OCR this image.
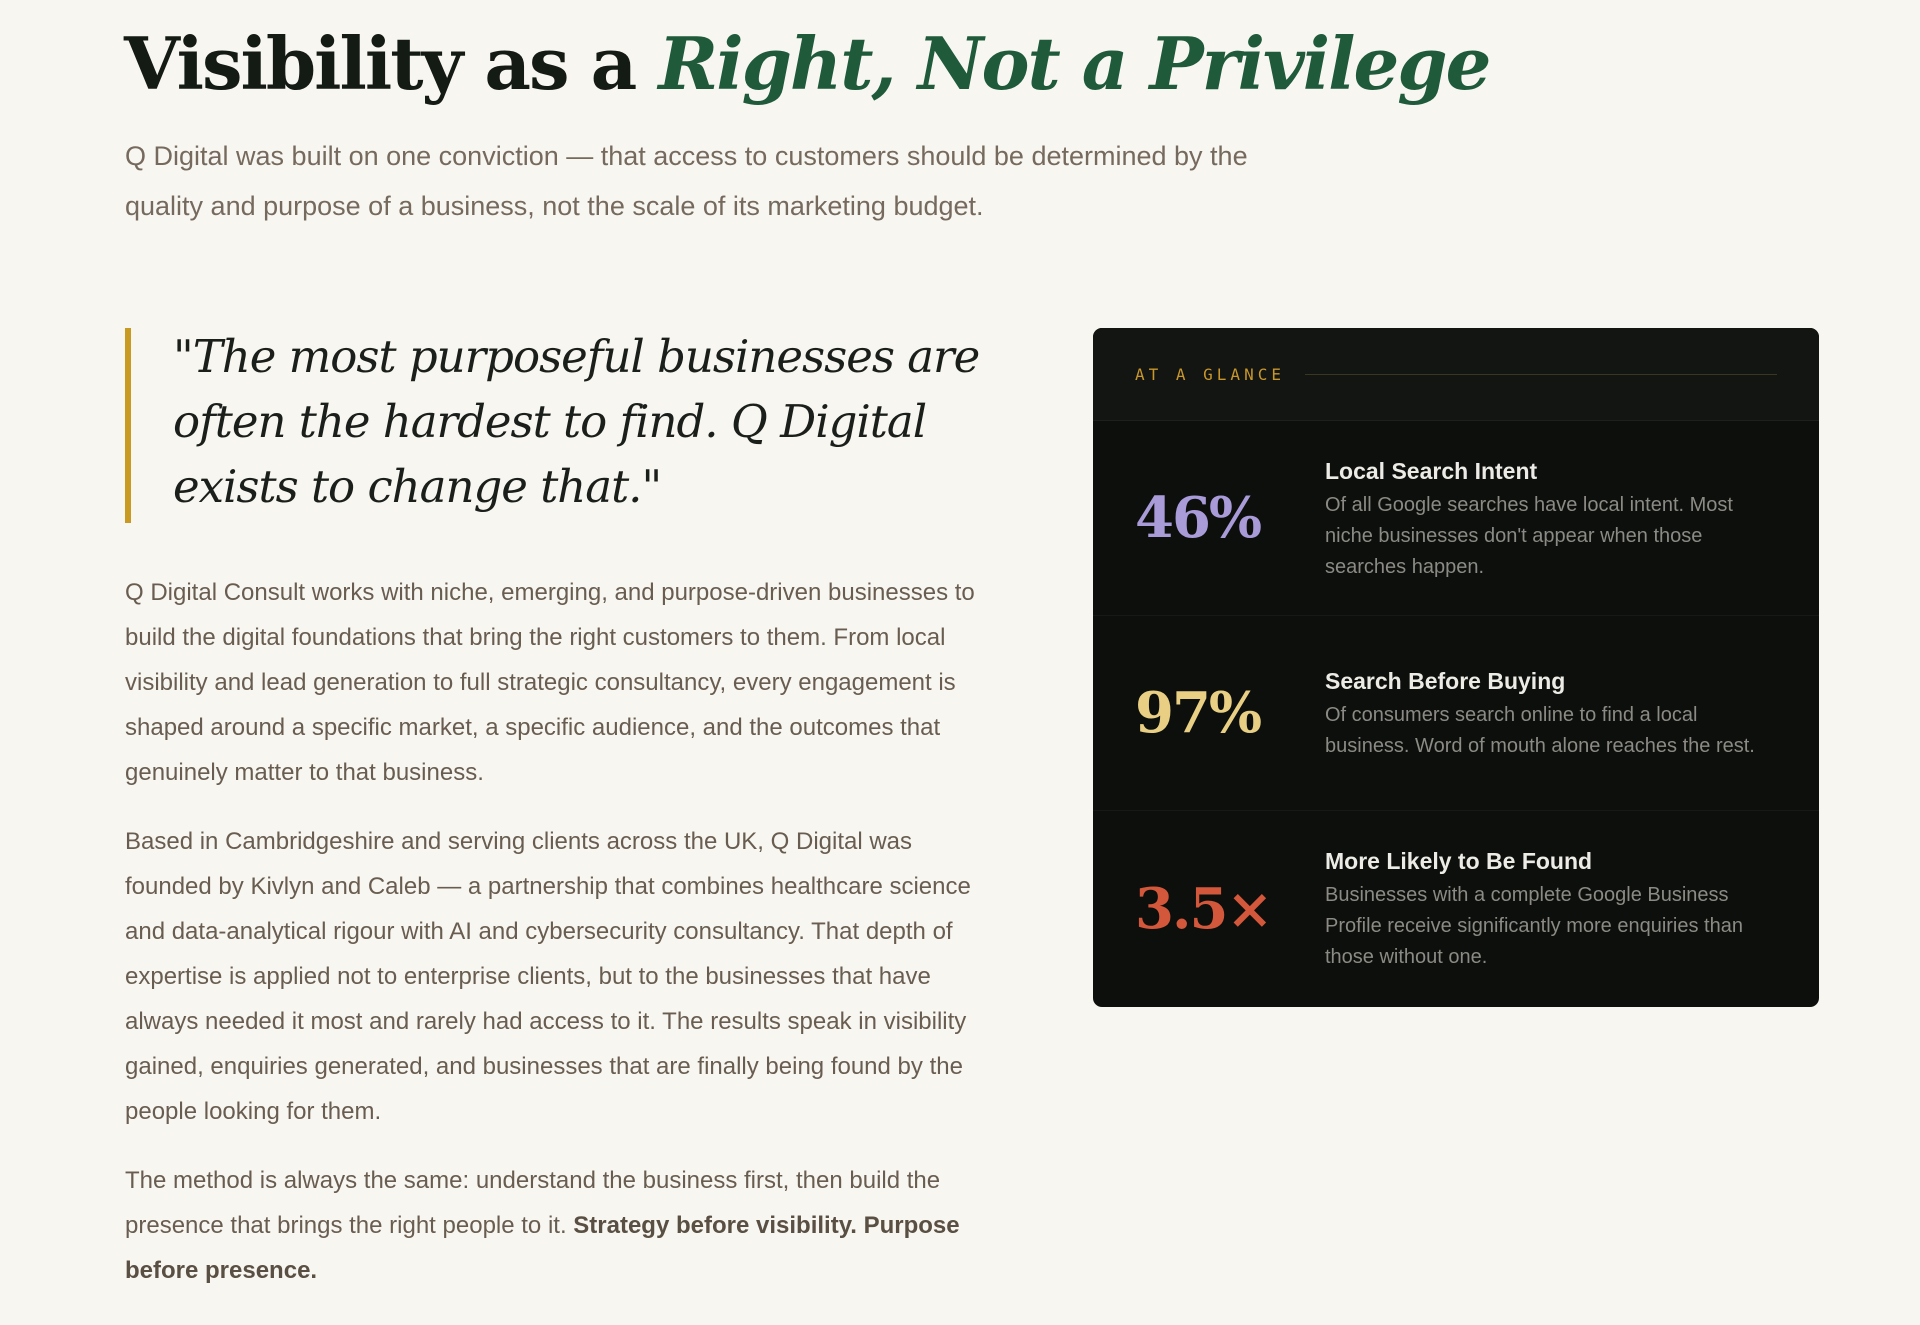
Visibility as a Right, Not a Privilege

Q Digital was built on one conviction — that access to customers should be determined by the quality and purpose of a business, not the scale of its marketing budget.

"The most purposeful businesses are often the hardest to find. Q Digital exists to change that."

Q Digital Consult works with niche, emerging, and purpose-driven businesses to build the digital foundations that bring the right customers to them. From local visibility and lead generation to full strategic consultancy, every engagement is shaped around a specific market, a specific audience, and the outcomes that genuinely matter to that business.

Based in Cambridgeshire and serving clients across the UK, Q Digital was founded by Kivlyn and Caleb — a partnership that combines healthcare science and data-analytical rigour with AI and cybersecurity consultancy. That depth of expertise is applied not to enterprise clients, but to the businesses that have always needed it most and rarely had access to it. The results speak in visibility gained, enquiries generated, and businesses that are finally being found by the people looking for them.

The method is always the same: understand the business first, then build the presence that brings the right people to it. Strategy before visibility. Purpose before presence.

AT A GLANCE
46%
Local Search Intent
Of all Google searches have local intent. Most niche businesses don't appear when those searches happen.
97%	Search Before Buying
Of consumers search online to find a local business. Word of mouth alone reaches the rest.
3.5×
More Likely to Be Found
Businesses with a complete Google Business Profile receive significantly more enquiries than those without one.
